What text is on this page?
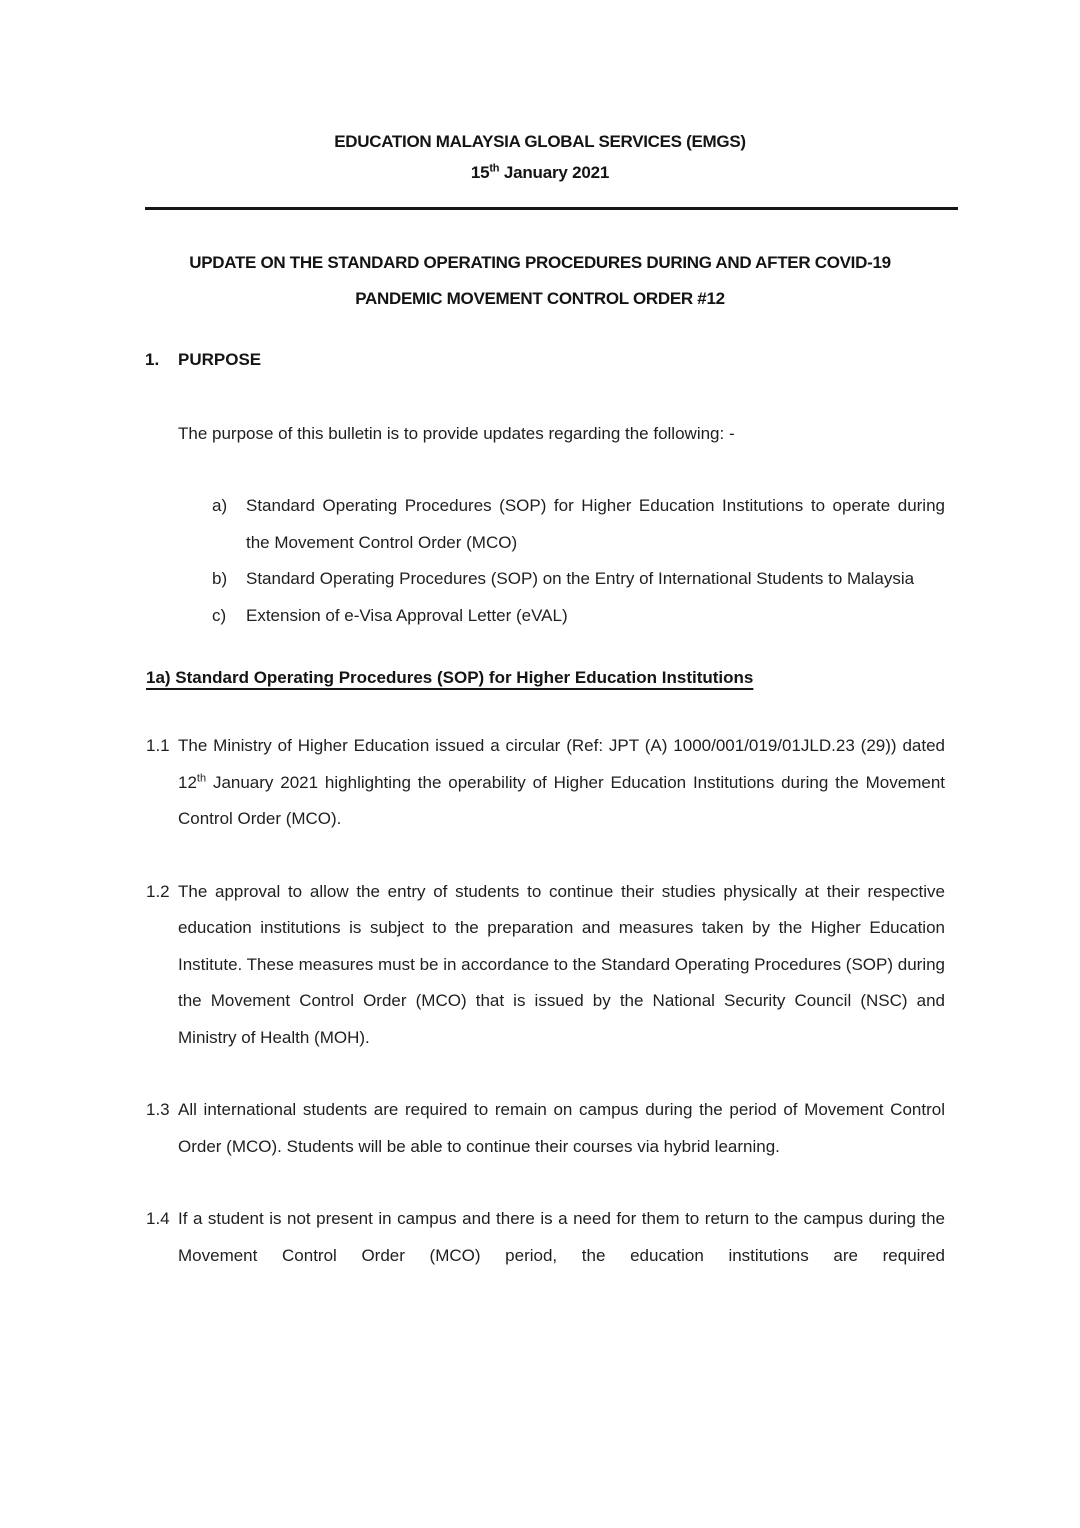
EDUCATION MALAYSIA GLOBAL SERVICES (EMGS)
15th January 2021
UPDATE ON THE STANDARD OPERATING PROCEDURES DURING AND AFTER COVID-19
PANDEMIC MOVEMENT CONTROL ORDER #12
1.	PURPOSE

The purpose of this bulletin is to provide updates regarding the following: -

a)	Standard Operating Procedures (SOP) for Higher Education Institutions to operate during the Movement Control Order (MCO)
b)	Standard Operating Procedures (SOP) on the Entry of International Students to Malaysia
c)	Extension of e-Visa Approval Letter (eVAL)
1a) Standard Operating Procedures (SOP) for Higher Education Institutions
1.1 The Ministry of Higher Education issued a circular (Ref: JPT (A) 1000/001/019/01JLD.23 (29)) dated 12th January 2021 highlighting the operability of Higher Education Institutions during the Movement Control Order (MCO).

1.2 The approval to allow the entry of students to continue their studies physically at their respective education institutions is subject to the preparation and measures taken by the Higher Education Institute. These measures must be in accordance to the Standard Operating Procedures (SOP) during the Movement Control Order (MCO) that is issued by the National Security Council (NSC) and Ministry of Health (MOH).

1.3 All international students are required to remain on campus during the period of Movement Control Order (MCO). Students will be able to continue their courses via hybrid learning.

1.4 If a student is not present in campus and there is a need for them to return to the campus during the Movement Control Order (MCO) period, the education institutions are required
